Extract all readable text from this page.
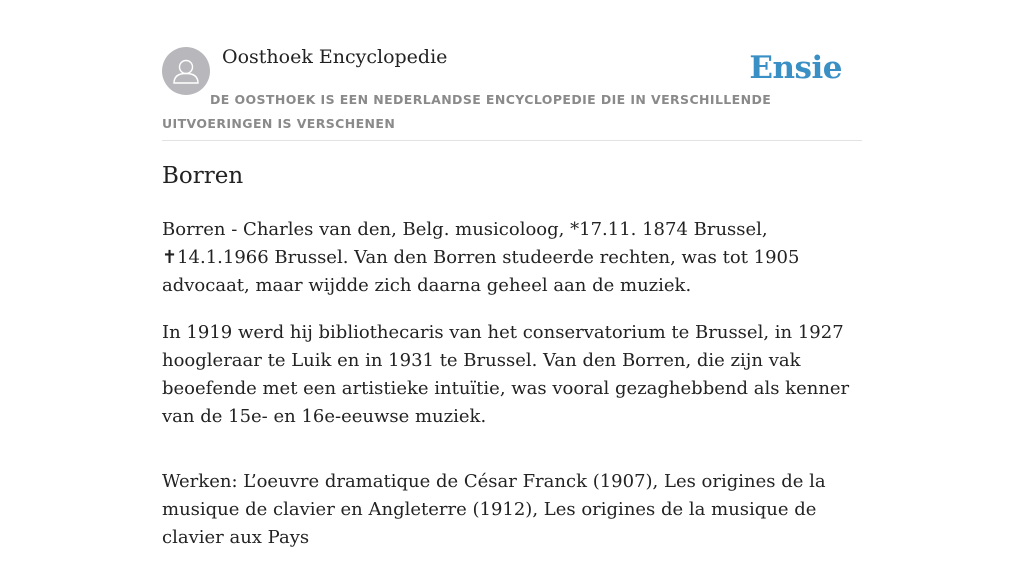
Oosthoek Encyclopedie	Ensie
DE OOSTHOEK IS EEN NEDERLANDSE ENCYCLOPEDIE DIE IN VERSCHILLENDE UITVOERINGEN IS VERSCHENEN
Borren

Borren - Charles van den, Belg. musicoloog, *17.11. 1874 Brussel, ✝14.1.1966 Brussel. Van den Borren studeerde rechten, was tot 1905 advocaat, maar wijdde zich daarna geheel aan de muziek.

In 1919 werd hij bibliothecaris van het conservatorium te Brussel, in 1927 hoogleraar te Luik en in 1931 te Brussel. Van den Borren, die zijn vak beoefende met een artistieke intuïtie, was vooral gezaghebbend als kenner van de 15e- en 16e-eeuwse muziek.

Werken: L’oeuvre dramatique de César Franck (1907), Les origines de la musique de clavier en Angleterre (1912), Les origines de la musique de clavier aux Pays
